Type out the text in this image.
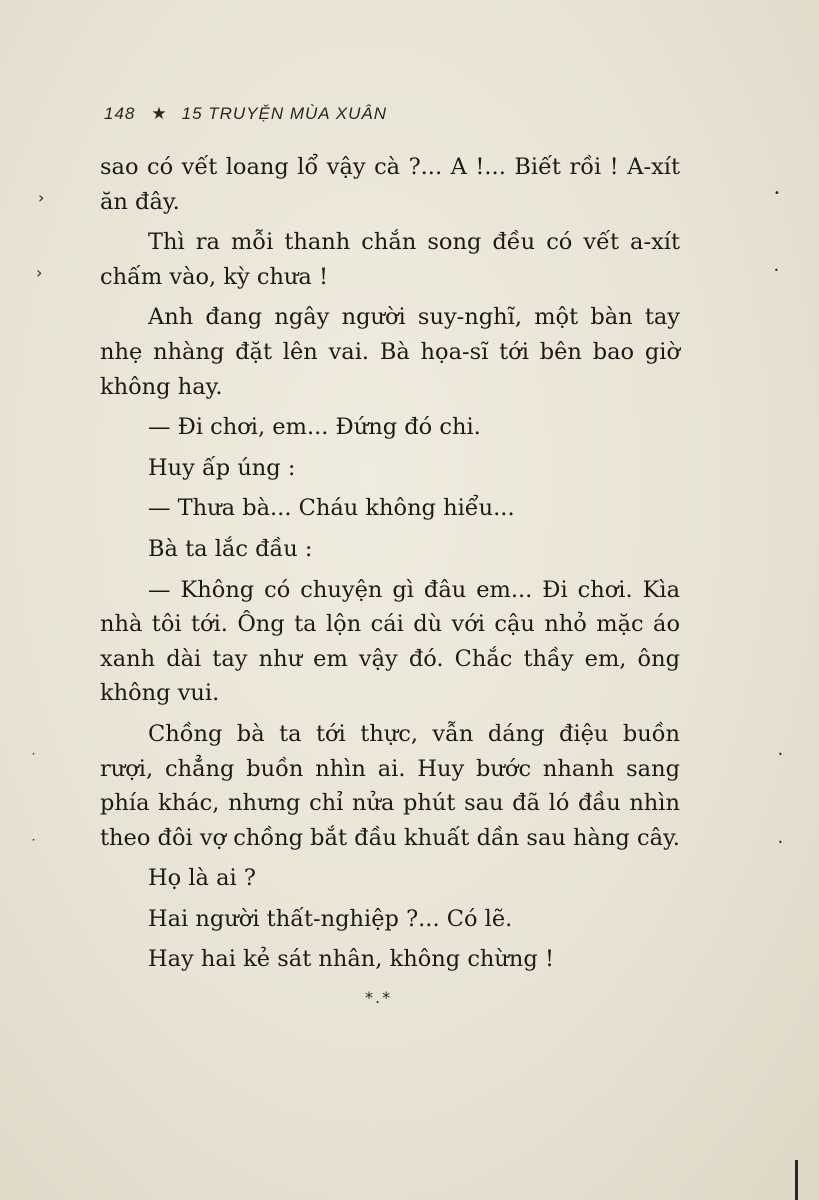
148 ★ 15 TRUYỆN MÙA XUÂN

sao có vết loang lổ vậy cà ?... A !... Biết rồi ! A-xít ăn đây.

Thì ra mỗi thanh chắn song đều có vết a-xít chấm vào, kỳ chưa !

Anh đang ngây người suy-nghĩ, một bàn tay nhẹ nhàng đặt lên vai. Bà họa-sĩ tới bên bao giờ không hay.

— Đi chơi, em... Đứng đó chi.

Huy ấp úng :

— Thưa bà... Cháu không hiểu...

Bà ta lắc đầu :

— Không có chuyện gì đâu em... Đi chơi. Kìa nhà tôi tới. Ông ta lộn cái dù với cậu nhỏ mặc áo xanh dài tay như em vậy đó. Chắc thầy em, ông không vui.

Chồng bà ta tới thực, vẫn dáng điệu buồn rượi, chẳng buồn nhìn ai. Huy bước nhanh sang phía khác, nhưng chỉ nửa phút sau đã ló đầu nhìn theo đôi vợ chồng bắt đầu khuất dần sau hàng cây.

Họ là ai ?

Hai người thất-nghiệp ?... Có lẽ.

Hay hai kẻ sát nhân, không chừng !

*.*
›
›
˙
˙
•
•
•
•
